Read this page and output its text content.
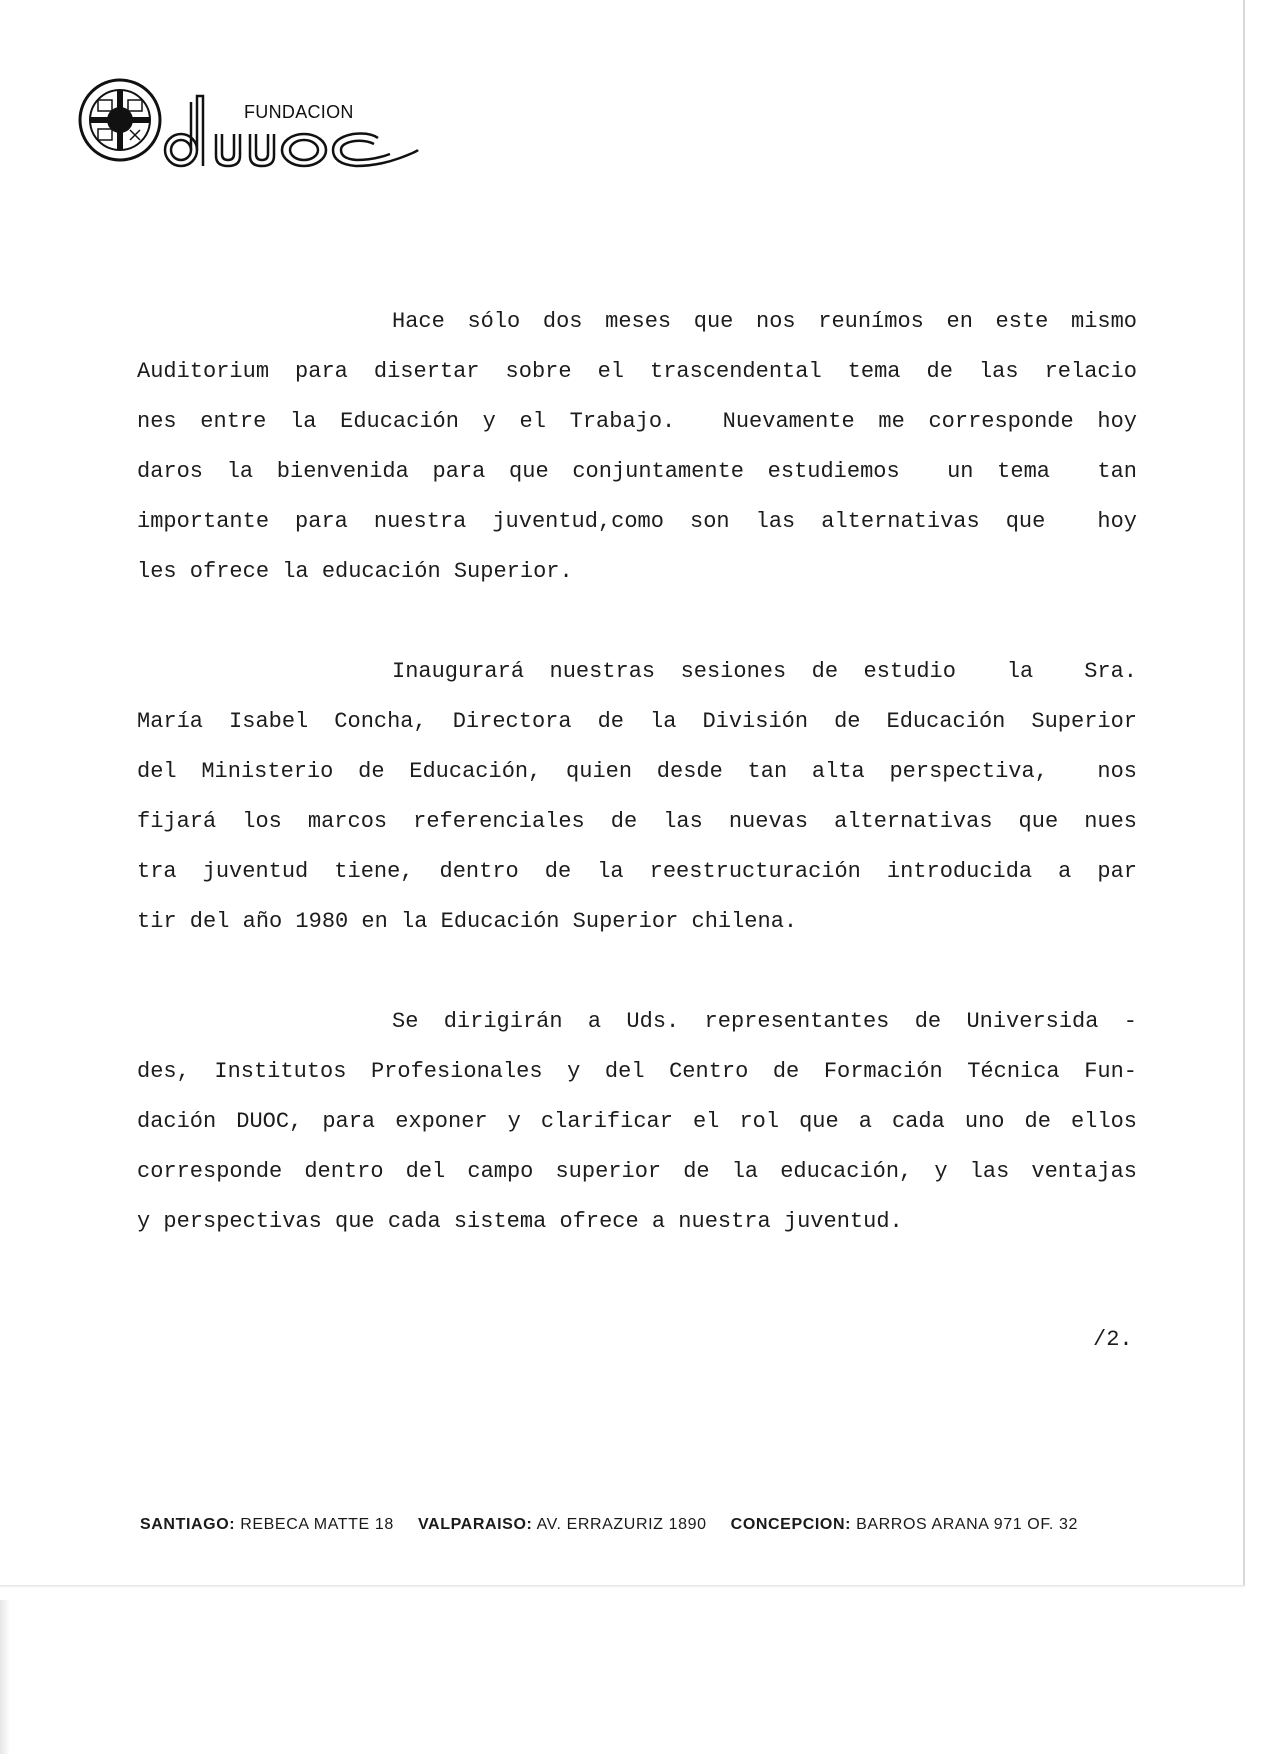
FUNDACION
Hace sólo dos meses que nos reunímos en este mismo
Auditorium para disertar sobre el trascendental tema de las relacio
nes entre la Educación y el Trabajo.  Nuevamente me corresponde hoy
daros la bienvenida para que conjuntamente estudiemos  un tema  tan
importante para nuestra juventud,como son las alternativas que  hoy
les ofrece la educación Superior.
Inaugurará nuestras sesiones de estudio  la  Sra.
María Isabel Concha, Directora de la División de Educación Superior
del Ministerio de Educación, quien desde tan alta perspectiva,  nos
fijará los marcos referenciales de las nuevas alternativas que nues
tra juventud tiene, dentro de la reestructuración introducida a par
tir del año 1980 en la Educación Superior chilena.
Se dirigirán a Uds. representantes de Universida -
des, Institutos Profesionales y del Centro de Formación Técnica Fun-
dación DUOC, para exponer y clarificar el rol que a cada uno de ellos
corresponde dentro del campo superior de la educación, y las ventajas
y perspectivas que cada sistema ofrece a nuestra juventud.
/2.
SANTIAGO: REBECA MATTE 18 VALPARAISO: AV. ERRAZURIZ 1890 CONCEPCION: BARROS ARANA 971 OF. 32
